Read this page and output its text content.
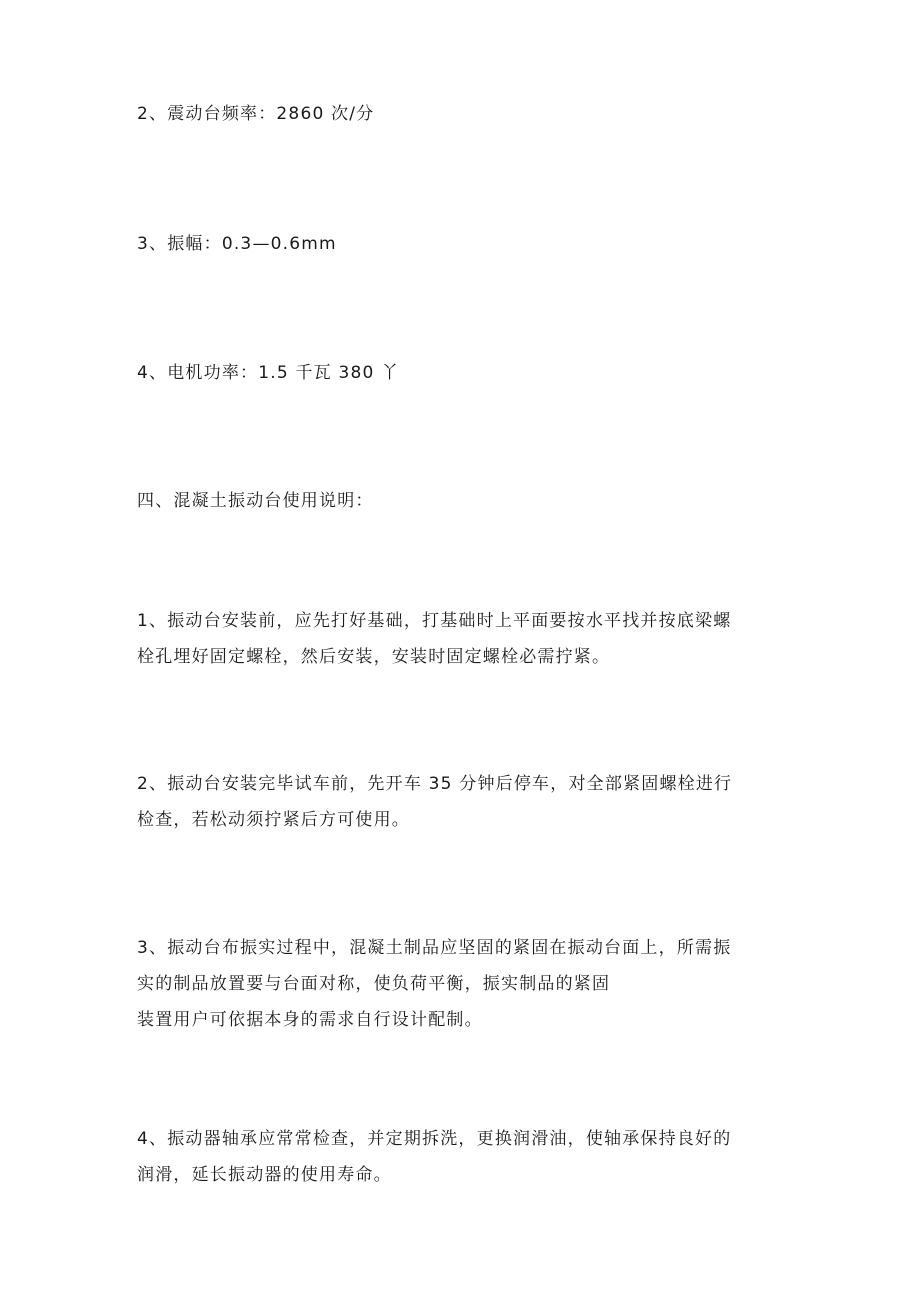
2、震动台频率：2860 次/分

3、振幅：0.3—0.6mm

4、电机功率：1.5 千瓦 380 丫

四、混凝土振动台使用说明：

1、振动台安装前，应先打好基础，打基础时上平面要按水平找并按底梁螺
栓孔埋好固定螺栓，然后安装，安装时固定螺栓必需拧紧。

2、振动台安装完毕试车前，先开车 35 分钟后停车，对全部紧固螺栓进行
检查，若松动须拧紧后方可使用。

3、振动台布振实过程中，混凝土制品应坚固的紧固在振动台面上，所需振
实的制品放置要与台面对称，使负荷平衡，振实制品的紧固
装置用户可依据本身的需求自行设计配制。

4、振动器轴承应常常检查，并定期拆洗，更换润滑油，使轴承保持良好的
润滑，延长振动器的使用寿命。
